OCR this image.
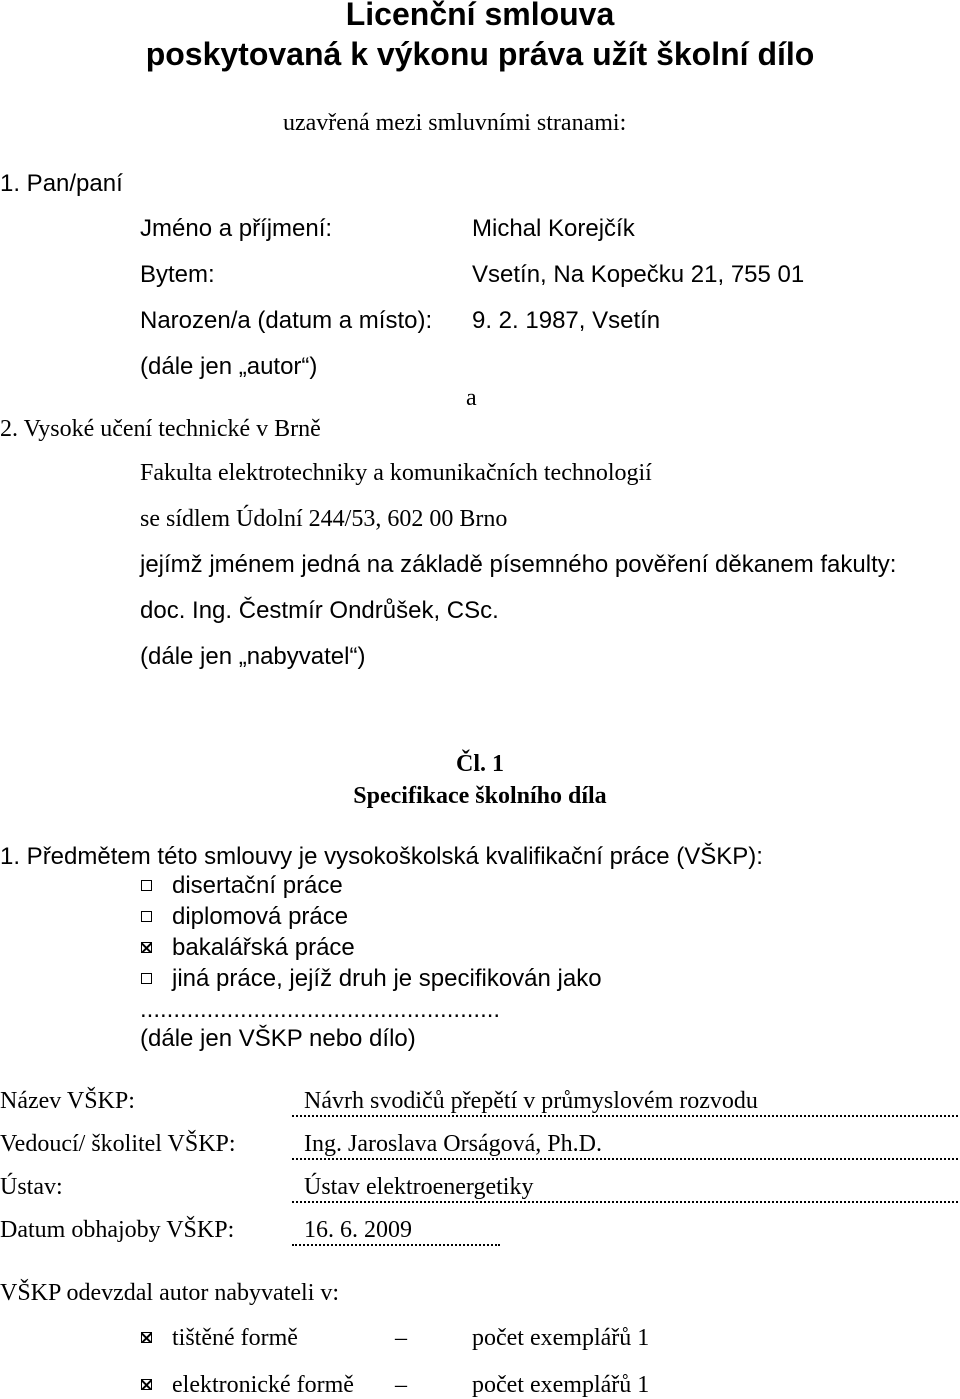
Licenční smlouva
poskytovaná k výkonu práva užít školní dílo
uzavřená mezi smluvními stranami:
1. Pan/paní
Jméno a příjmení:	Michal Korejčík
Bytem:	Vsetín, Na Kopečku 21, 755 01
Narozen/a (datum a místo): 9. 2. 1987, Vsetín
(dále jen „autor“)
a
2. Vysoké učení technické v Brně
Fakulta elektrotechniky a komunikačních technologií
se sídlem Údolní 244/53, 602 00 Brno
jejímž jménem jedná na základě písemného pověření děkanem fakulty:
doc. Ing. Čestmír Ondrůšek, CSc.
(dále jen „nabyvatel“)
Čl. 1
Specifikace školního díla
1. Předmětem této smlouvy je vysokoškolská kvalifikační práce (VŠKP):
disertační práce
diplomová práce
bakalářská práce
jiná práce, jejíž druh je specifikován jako
......................................................
(dále jen VŠKP nebo dílo)
Název VŠKP:	Návrh svodičů přepětí v průmyslovém rozvodu
Vedoucí/ školitel VŠKP:	Ing. Jaroslava Orságová, Ph.D.
Ústav:	Ústav elektroenergetiky
Datum obhajoby VŠKP:	16. 6. 2009
VŠKP odevzdal autor nabyvateli v:
tištěné formě	–	počet exemplářů 1
elektronické formě –	počet exemplářů 1
